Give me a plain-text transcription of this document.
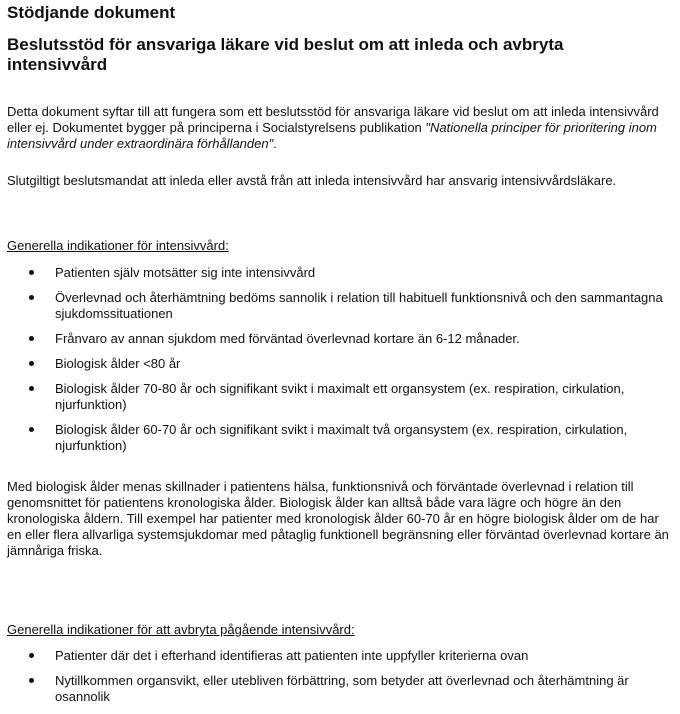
Stödjande dokument
Beslutsstöd för ansvariga läkare vid beslut om att inleda och avbryta intensivvård
Detta dokument syftar till att fungera som ett beslutsstöd för ansvariga läkare vid beslut om att inleda intensivvård eller ej. Dokumentet bygger på principerna i Socialstyrelsens publikation "Nationella principer för prioritering inom intensivvård under extraordinära förhållanden".
Slutgiltigt beslutsmandat att inleda eller avstå från att inleda intensivvård har ansvarig intensivvårdsläkare.
Generella indikationer för intensivvård:
Patienten själv motsätter sig inte intensivvård
Överlevnad och återhämtning bedöms sannolik i relation till habituell funktionsnivå och den sammantagna sjukdomssituationen
Frånvaro av annan sjukdom med förväntad överlevnad kortare än 6-12 månader.
Biologisk ålder <80 år
Biologisk ålder 70-80 år och signifikant svikt i maximalt ett organsystem (ex. respiration, cirkulation, njurfunktion)
Biologisk ålder 60-70 år och signifikant svikt i maximalt två organsystem (ex. respiration, cirkulation, njurfunktion)
Med biologisk ålder menas skillnader i patientens hälsa, funktionsnivå och förväntade överlevnad i relation till genomsnittet för patientens kronologiska ålder. Biologisk ålder kan alltså både vara lägre och högre än den kronologiska åldern. Till exempel har patienter med kronologisk ålder 60-70 år en högre biologisk ålder om de har en eller flera allvarliga systemsjukdomar med påtaglig funktionell begränsning eller förväntad överlevnad kortare än jämnåriga friska.
Generella indikationer för att avbryta pågående intensivvård:
Patienter där det i efterhand identifieras att patienten inte uppfyller kriterierna ovan
Nytillkommen organsvikt, eller utebliven förbättring, som betyder att överlevnad och återhämtning är osannolik
